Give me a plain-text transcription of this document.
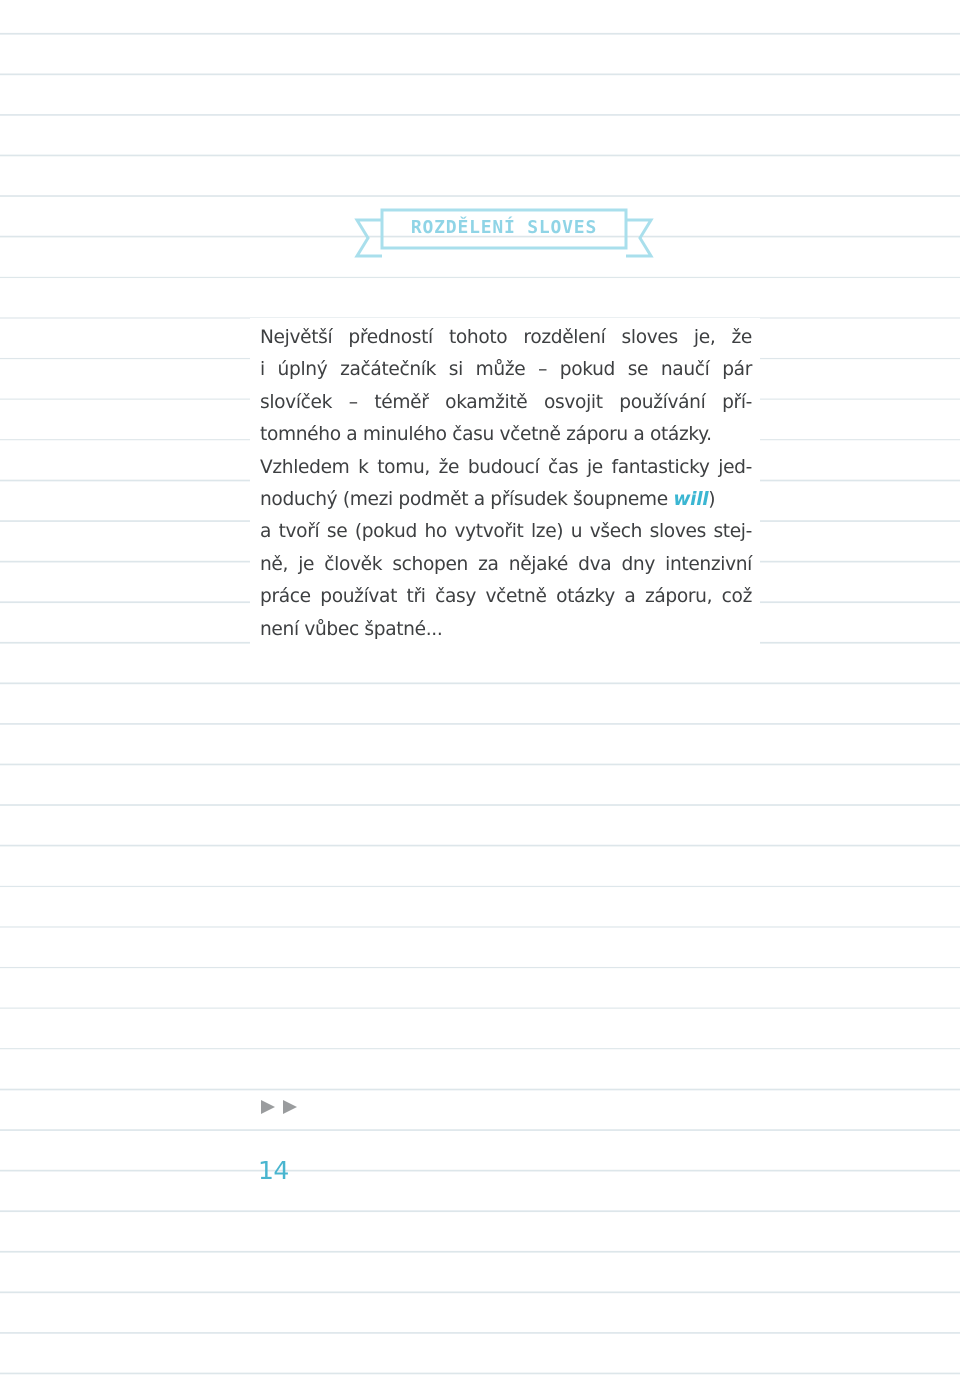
ROZDĚLENÍ SLOVES

Největší předností tohoto rozdělení sloves je, že
i úplný začátečník si může – pokud se naučí pár
slovíček – téměř okamžitě osvojit používání pří-
tomného a minulého času včetně záporu a otázky.
Vzhledem k tomu, že budoucí čas je fantasticky jed-
noduchý (mezi podmět a přísudek šoupneme will)
a tvoří se (pokud ho vytvořit lze) u všech sloves stej-
ně, je člověk schopen za nějaké dva dny intenzivní
práce používat tři časy včetně otázky a záporu, což
není vůbec špatné...

14
